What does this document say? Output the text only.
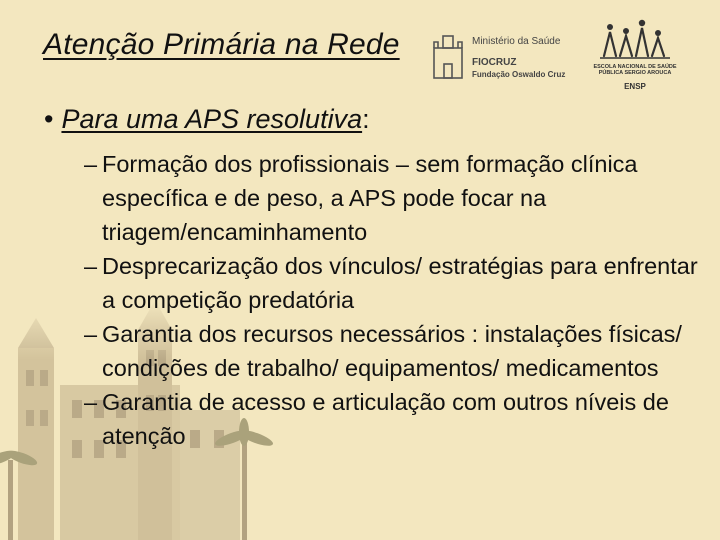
Atenção Primária na Rede	Ministério da Saúde
FIOCRUZ
Fundação Oswaldo Cruz
ESCOLA NACIONAL DE SAÚDE PÚBLICA SERGIO AROUCA
ENSP
• Para uma APS resolutiva:
– Formação dos profissionais – sem formação clínica específica e de peso, a APS pode focar na triagem/encaminhamento
– Desprecarização dos vínculos/ estratégias para enfrentar a competição predatória
– Garantia dos recursos necessários : instalações físicas/ condições de trabalho/ equipamentos/ medicamentos
– Garantia de acesso e articulação com outros níveis de atenção
